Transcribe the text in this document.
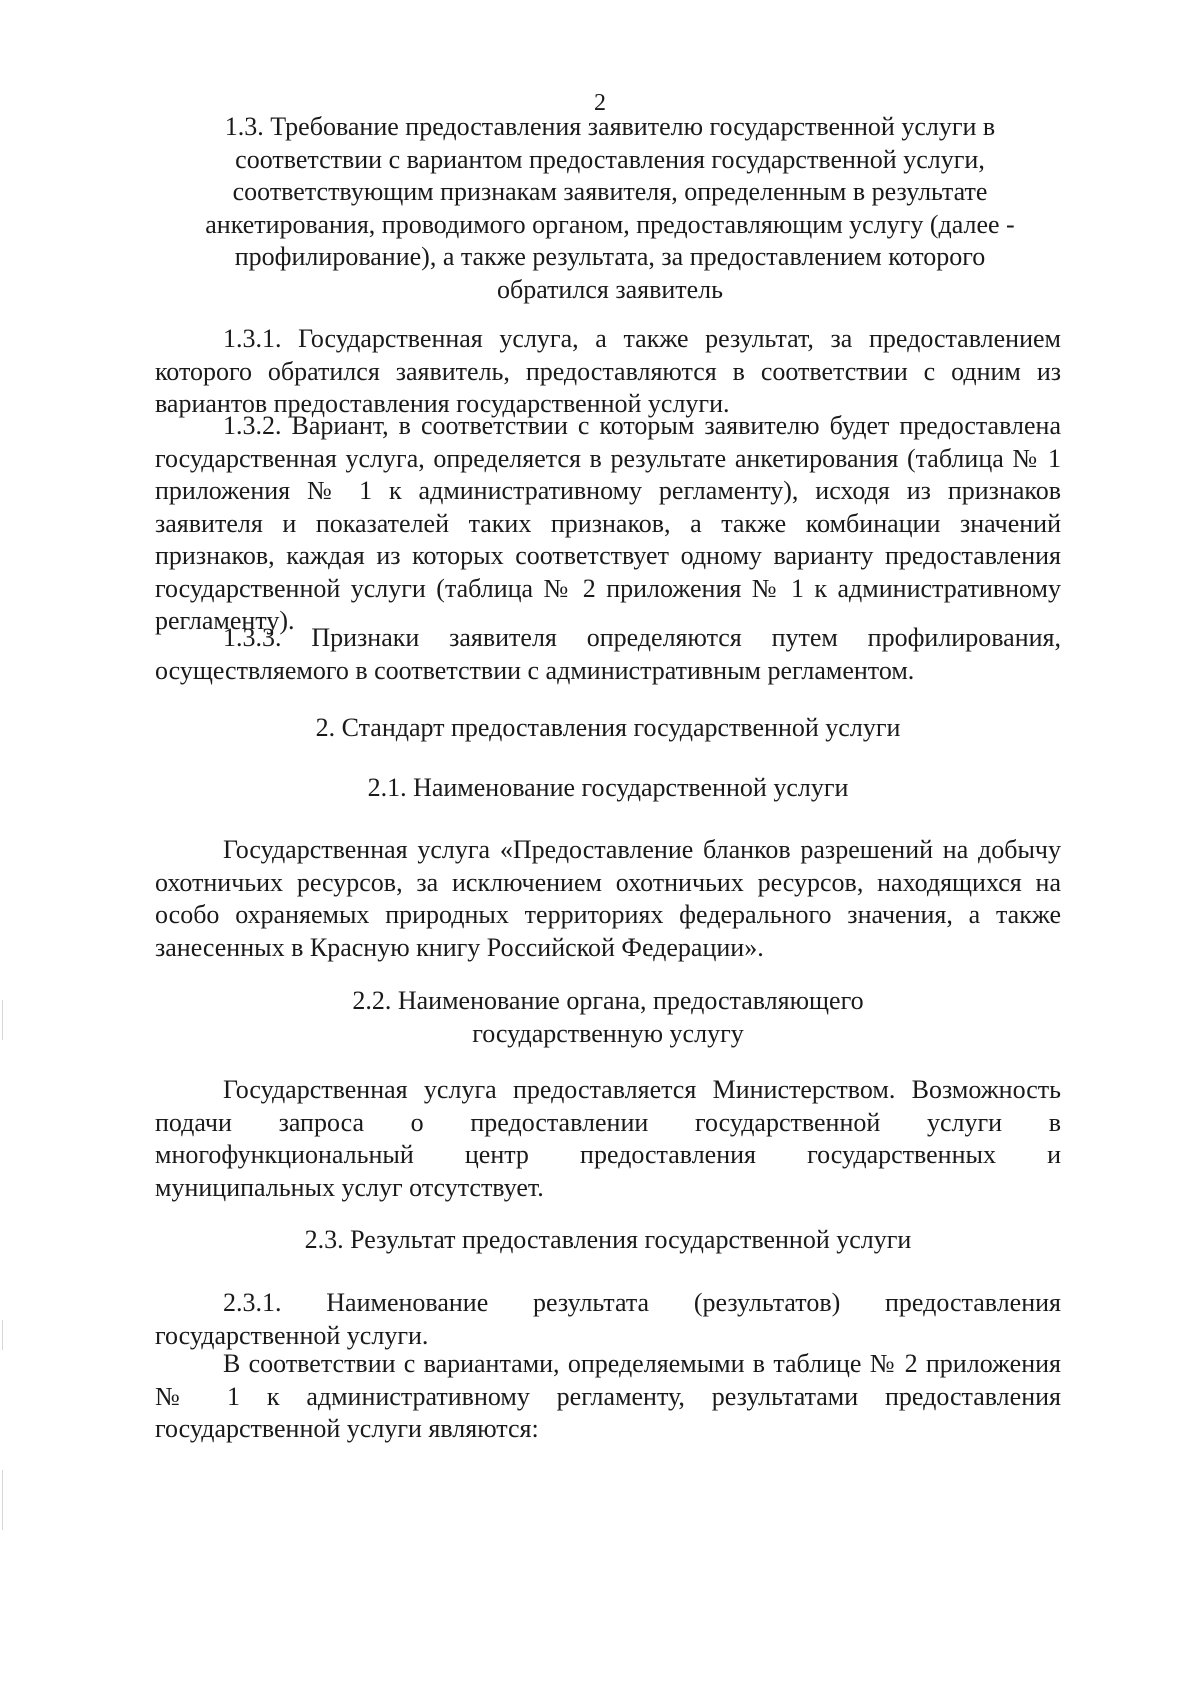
2
1.3. Требование предоставления заявителю государственной услуги в соответствии с вариантом предоставления государственной услуги, соответствующим признакам заявителя, определенным в результате анкетирования, проводимого органом, предоставляющим услугу (далее - профилирование), а также результата, за предоставлением которого обратился заявитель

1.3.1. Государственная услуга, а также результат, за предоставлением которого обратился заявитель, предоставляются в соответствии с одним из вариантов предоставления государственной услуги.

1.3.2. Вариант, в соответствии с которым заявителю будет предоставлена государственная услуга, определяется в результате анкетирования (таблица № 1 приложения № 1 к административному регламенту), исходя из признаков заявителя и показателей таких признаков, а также комбинации значений признаков, каждая из которых соответствует одному варианту предоставления государственной услуги (таблица № 2 приложения № 1 к административному регламенту).

1.3.3. Признаки заявителя определяются путем профилирования, осуществляемого в соответствии с административным регламентом.

2. Стандарт предоставления государственной услуги
2.1. Наименование государственной услуги

Государственная услуга «Предоставление бланков разрешений на добычу охотничьих ресурсов, за исключением охотничьих ресурсов, находящихся на особо охраняемых природных территориях федерального значения, а также занесенных в Красную книгу Российской Федерации».

2.2. Наименование органа, предоставляющего
государственную услугу

Государственная услуга предоставляется Министерством. Возможность подачи запроса о предоставлении государственной услуги в многофункциональный центр предоставления государственных и муниципальных услуг отсутствует.

2.3. Результат предоставления государственной услуги

2.3.1. Наименование результата (результатов) предоставления государственной услуги.

В соответствии с вариантами, определяемыми в таблице № 2 приложения № 1 к административному регламенту, результатами предоставления государственной услуги являются:
